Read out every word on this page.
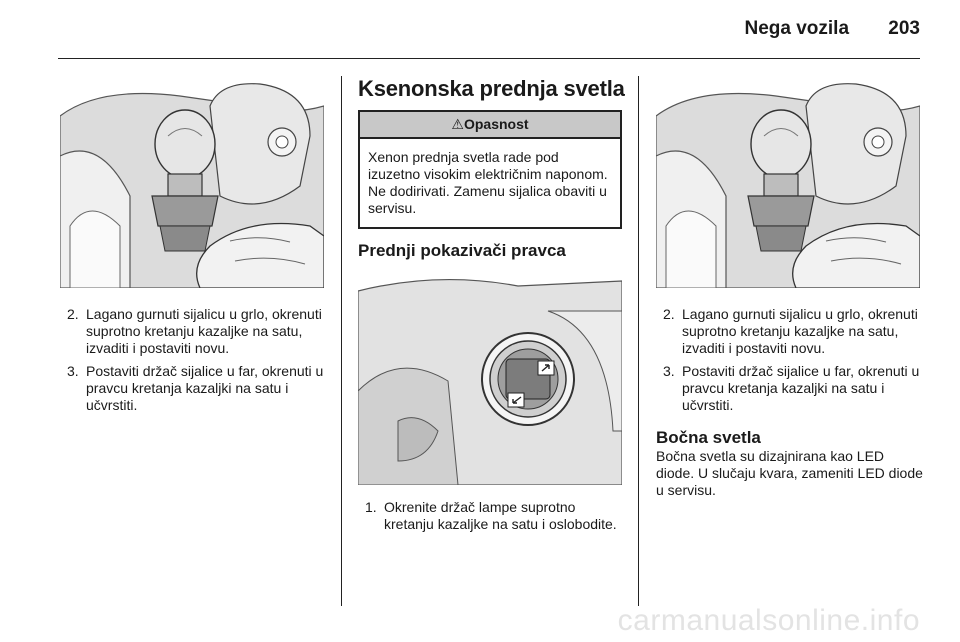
Nega vozila 203
2. Lagano gurnuti sijalicu u grlo, okrenuti suprotno kretanju kazaljke na satu, izvaditi i postaviti novu.
3. Postaviti držač sijalice u far, okrenuti u pravcu kretanja kazaljki na satu i učvrstiti.
Ksenonska prednja svetla
⚠Opasnost
Xenon prednja svetla rade pod izuzetno visokim električnim naponom. Ne dodirivati. Zamenu sijalica obaviti u servisu.
Prednji pokazivači pravca
1. Okrenite držač lampe suprotno kretanju kazaljke na satu i oslobodite.
2. Lagano gurnuti sijalicu u grlo, okrenuti suprotno kretanju kazaljke na satu, izvaditi i postaviti novu.
3. Postaviti držač sijalice u far, okrenuti u pravcu kretanja kazaljki na satu i učvrstiti.
Bočna svetla
Bočna svetla su dizajnirana kao LED diode. U slučaju kvara, zameniti LED diode u servisu.
carmanualsonline.info
